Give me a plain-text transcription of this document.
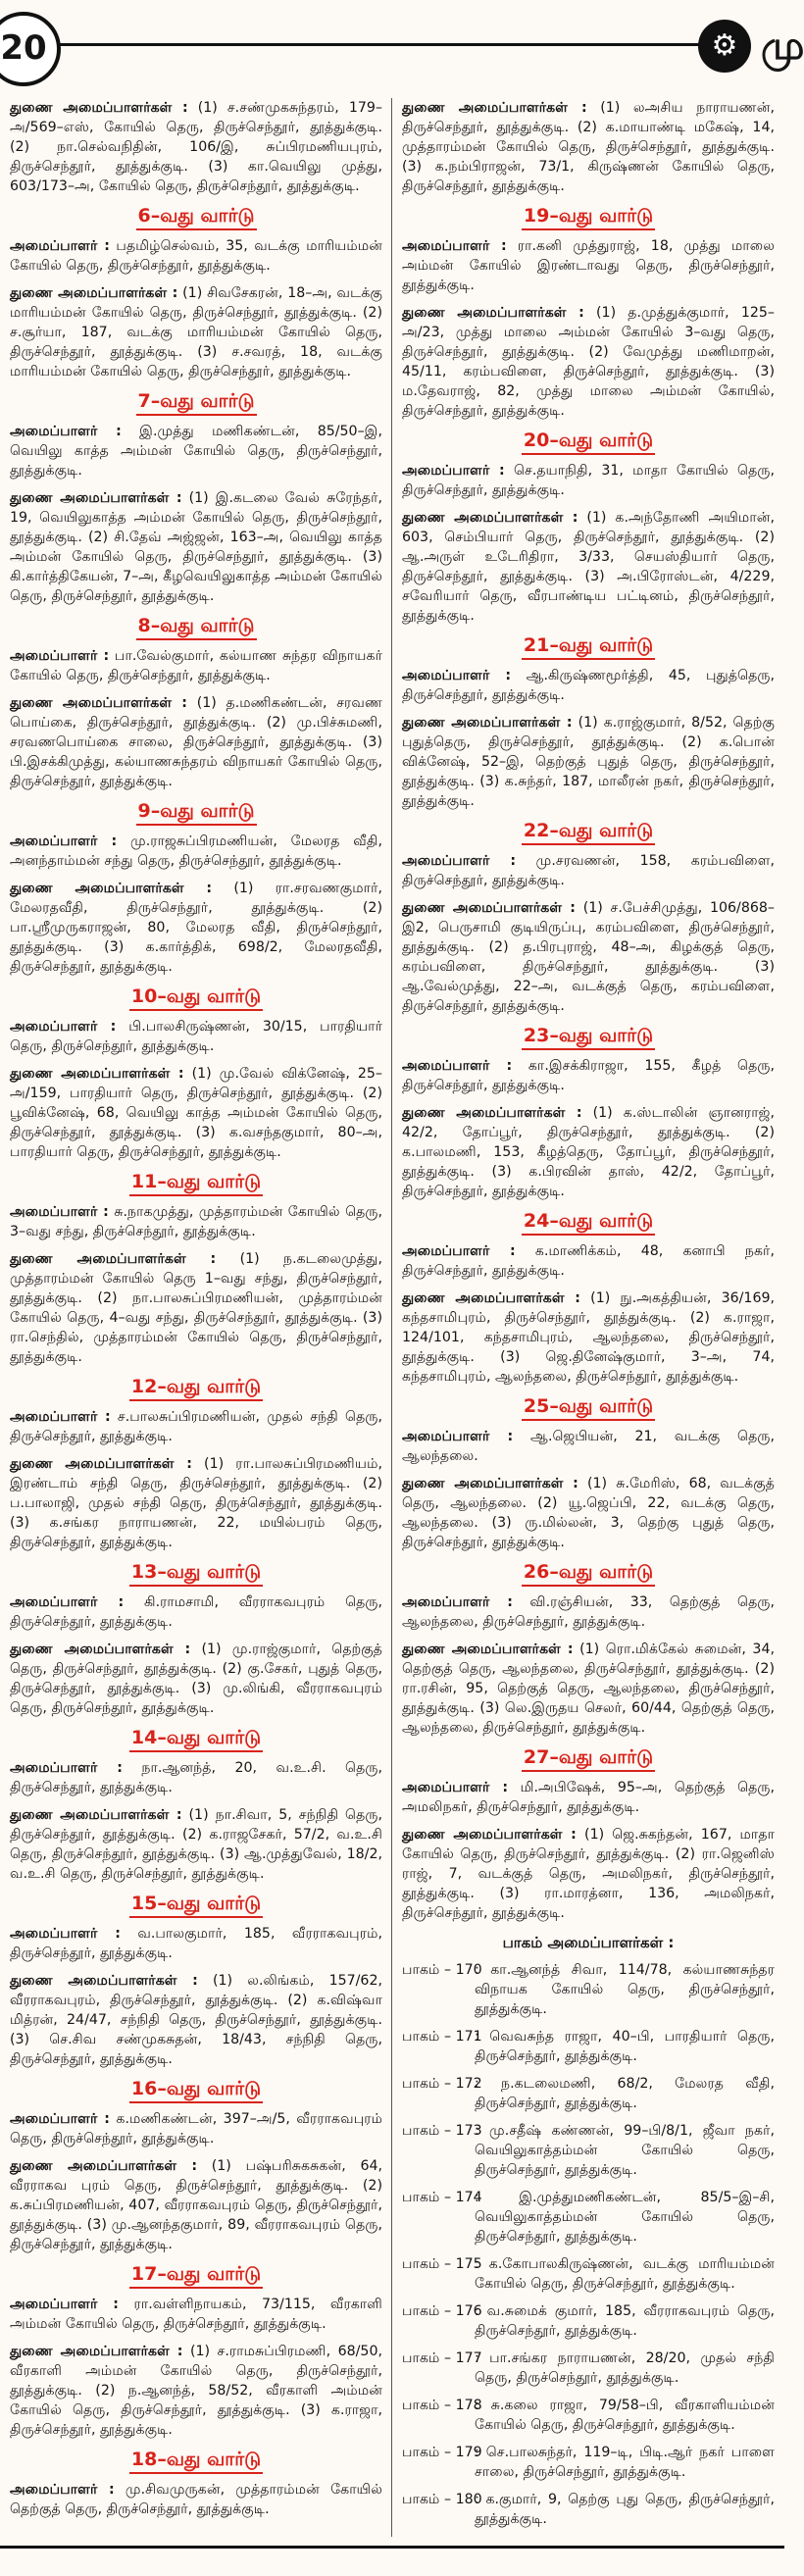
20	⚙ மு

துணை அமைப்பாளர்கள் : (1) ச.சண்முகசுந்தரம், 179–அ/569–எஸ், கோயில் தெரு, திருச்செந்தூர், தூத்துக்குடி. (2) நா.செல்வநிதின், 106/இ, சுப்பிரமணியபுரம், திருச்செந்தூர், தூத்துக்குடி. (3) கா.வெயிலு முத்து, 603/173–அ, கோயில் தெரு, திருச்செந்தூர், தூத்துக்குடி.

6–வது வார்டு

அமைப்பாளர் : பதமிழ்செல்வம், 35, வடக்கு மாரியம்மன் கோயில் தெரு, திருச்செந்தூர், தூத்துக்குடி.

துணை அமைப்பாளர்கள் : (1) சிவசேகரன், 18–அ, வடக்கு மாரியம்மன் கோயில் தெரு, திருச்செந்தூர், தூத்துக்குடி. (2) ச.சூர்யா, 187, வடக்கு மாரியம்மன் கோயில் தெரு, திருச்செந்தூர், தூத்துக்குடி. (3) ச.சவரத், 18, வடக்கு மாரியம்மன் கோயில் தெரு, திருச்செந்தூர், தூத்துக்குடி.

7–வது வார்டு

அமைப்பாளர் : இ.முத்து மணிகண்டன், 85/50–இ, வெயிலு காத்த அம்மன் கோயில் தெரு, திருச்செந்தூர், தூத்துக்குடி.

துணை அமைப்பாளர்கள் : (1) இ.கடலை வேல் சுரேந்தர், 19, வெயிலுகாத்த அம்மன் கோயில் தெரு, திருச்செந்தூர், தூத்துக்குடி. (2) சி.தேவ் அஜ்ஜன், 163–அ, வெயிலு காத்த அம்மன் கோயில் தெரு, திருச்செந்தூர், தூத்துக்குடி. (3) கி.கார்த்திகேயன், 7–அ, கீழவெயிலுகாத்த அம்மன் கோயில் தெரு, திருச்செந்தூர், தூத்துக்குடி.

8–வது வார்டு

அமைப்பாளர் : பா.வேல்குமார், கல்யாண சுந்தர விநாயகர் கோயில் தெரு, திருச்செந்தூர், தூத்துக்குடி.

துணை அமைப்பாளர்கள் : (1) த.மணிகண்டன், சரவண பொய்கை, திருச்செந்தூர், தூத்துக்குடி. (2) மு.பிச்சுமணி, சரவணபொய்கை சாலை, திருச்செந்தூர், தூத்துக்குடி. (3) பி.இசக்கிமுத்து, கல்யாணசுந்தரம் விநாயகர் கோயில் தெரு, திருச்செந்தூர், தூத்துக்குடி.

9–வது வார்டு

அமைப்பாளர் : மு.ராஜசுப்பிரமணியன், மேலரத வீதி, அனந்தாம்மன் சந்து தெரு, திருச்செந்தூர், தூத்துக்குடி.

துணை அமைப்பாளர்கள் : (1) ரா.சரவணகுமார், மேலரதவீதி, திருச்செந்தூர், தூத்துக்குடி. (2) பா.ஸ்ரீமுருகராஜன், 80, மேலரத வீதி, திருச்செந்தூர், தூத்துக்குடி. (3) க.கார்த்திக், 698/2, மேலரதவீதி, திருச்செந்தூர், தூத்துக்குடி.

10–வது வார்டு

அமைப்பாளர் : பி.பாலசிருஷ்ணன், 30/15, பாரதியார் தெரு, திருச்செந்தூர், தூத்துக்குடி.

துணை அமைப்பாளர்கள் : (1) மு.வேல் விக்னேஷ், 25–அ/159, பாரதியார் தெரு, திருச்செந்தூர், தூத்துக்குடி. (2) பூவிக்னேஷ், 68, வெயிலு காத்த அம்மன் கோயில் தெரு, திருச்செந்தூர், தூத்துக்குடி. (3) க.வசந்தகுமார், 80–அ, பாரதியார் தெரு, திருச்செந்தூர், தூத்துக்குடி.

11–வது வார்டு

அமைப்பாளர் : சு.நாகமுத்து, முத்தாரம்மன் கோயில் தெரு, 3–வது சந்து, திருச்செந்தூர், தூத்துக்குடி.

துணை அமைப்பாளர்கள் : (1) ந.கடலைமுத்து, முத்தாரம்மன் கோயில் தெரு 1–வது சந்து, திருச்செந்தூர், தூத்துக்குடி. (2) நா.பாலசுப்பிரமணியன், முத்தாரம்மன் கோயில் தெரு, 4–வது சந்து, திருச்செந்தூர், தூத்துக்குடி. (3) ரா.செந்தில், முத்தாரம்மன் கோயில் தெரு, திருச்செந்தூர், தூத்துக்குடி.

12–வது வார்டு

அமைப்பாளர் : ச.பாலசுப்பிரமணியன், முதல் சந்தி தெரு, திருச்செந்தூர், தூத்துக்குடி.

துணை அமைப்பாளர்கள் : (1) ரா.பாலசுப்பிரமணியம், இரண்டாம் சந்தி தெரு, திருச்செந்தூர், தூத்துக்குடி. (2) ப.பாலாஜி, முதல் சந்தி தெரு, திருச்செந்தூர், தூத்துக்குடி. (3) க.சங்கர நாராயணன், 22, மயில்பரம் தெரு, திருச்செந்தூர், தூத்துக்குடி.

13–வது வார்டு

அமைப்பாளர் : கி.ராமசாமி, வீரராகவபுரம் தெரு, திருச்செந்தூர், தூத்துக்குடி.

துணை அமைப்பாளர்கள் : (1) மு.ராஜ்குமார், தெற்குத் தெரு, திருச்செந்தூர், தூத்துக்குடி. (2) கு.சேகர், புதுத் தெரு, திருச்செந்தூர், தூத்துக்குடி. (3) மு.லிங்கி, வீரராகவபுரம் தெரு, திருச்செந்தூர், தூத்துக்குடி.

14–வது வார்டு

அமைப்பாளர் : நா.ஆனந்த், 20, வ.உ.சி. தெரு, திருச்செந்தூர், தூத்துக்குடி.

துணை அமைப்பாளர்கள் : (1) நா.சிவா, 5, சந்நிதி தெரு, திருச்செந்தூர், தூத்துக்குடி. (2) க.ராஜசேகர், 57/2, வ.உ.சி தெரு, திருச்செந்தூர், தூத்துக்குடி. (3) ஆ.முத்துவேல், 18/2, வ.உ.சி தெரு, திருச்செந்தூர், தூத்துக்குடி.

15–வது வார்டு

அமைப்பாளர் : வ.பாலகுமார், 185, வீரராகவபுரம், திருச்செந்தூர், தூத்துக்குடி.

துணை அமைப்பாளர்கள் : (1) ல.லிங்கம், 157/62, வீரராகவபுரம், திருச்செந்தூர், தூத்துக்குடி. (2) க.விஷ்வா மித்ரன், 24/47, சந்நிதி தெரு, திருச்செந்தூர், தூத்துக்குடி. (3) செ.சிவ சண்முகசுதன், 18/43, சந்நிதி தெரு, திருச்செந்தூர், தூத்துக்குடி.

16–வது வார்டு

அமைப்பாளர் : க.மணிகண்டன், 397–அ/5, வீரராகவபுரம் தெரு, திருச்செந்தூர், தூத்துக்குடி.

துணை அமைப்பாளர்கள் : (1) பஷ்பரிசுகசுகன், 64, வீரராகவ புரம் தெரு, திருச்செந்தூர், தூத்துக்குடி. (2) க.சுப்பிரமணியன், 407, வீரராகவபுரம் தெரு, திருச்செந்தூர், தூத்துக்குடி. (3) மு.ஆனந்தகுமார், 89, வீரராகவபுரம் தெரு, திருச்செந்தூர், தூத்துக்குடி.

17–வது வார்டு

அமைப்பாளர் : ரா.வள்ளிநாயகம், 73/115, வீரகாளி அம்மன் கோயில் தெரு, திருச்செந்தூர், தூத்துக்குடி.

துணை அமைப்பாளர்கள் : (1) ச.ராமசுப்பிரமணி, 68/50, வீரகாளி அம்மன் கோயில் தெரு, திருச்செந்தூர், தூத்துக்குடி. (2) ந.ஆனந்த், 58/52, வீரகாளி அம்மன் கோயில் தெரு, திருச்செந்தூர், தூத்துக்குடி. (3) க.ராஜா, திருச்செந்தூர், தூத்துக்குடி.

18–வது வார்டு

அமைப்பாளர் : மு.சிவமுருகன், முத்தாரம்மன் கோயில் தெற்குத் தெரு, திருச்செந்தூர், தூத்துக்குடி.

துணை அமைப்பாளர்கள் : (1) லஅசிய நாராயணன், திருச்செந்தூர், தூத்துக்குடி. (2) க.மாயாண்டி மகேஷ், 14, முத்தாரம்மன் கோயில் தெரு, திருச்செந்தூர், தூத்துக்குடி. (3) க.நம்பிராஜன், 73/1, கிருஷ்ணன் கோயில் தெரு, திருச்செந்தூர், தூத்துக்குடி.

19–வது வார்டு

அமைப்பாளர் : ரா.கனி முத்துராஜ், 18, முத்து மாலை அம்மன் கோயில் இரண்டாவது தெரு, திருச்செந்தூர், தூத்துக்குடி.

துணை அமைப்பாளர்கள் : (1) த.முத்துக்குமார், 125–அ/23, முத்து மாலை அம்மன் கோயில் 3–வது தெரு, திருச்செந்தூர், தூத்துக்குடி. (2) வேமுத்து மணிமாறன், 45/11, கரம்பவிளை, திருச்செந்தூர், தூத்துக்குடி. (3) ம.தேவராஜ், 82, முத்து மாலை அம்மன் கோயில், திருச்செந்தூர், தூத்துக்குடி.

20–வது வார்டு

அமைப்பாளர் : செ.தயாநிதி, 31, மாதா கோயில் தெரு, திருச்செந்தூர், தூத்துக்குடி.

துணை அமைப்பாளர்கள் : (1) க.அந்தோணி அயிமான், 603, செம்பியார் தெரு, திருச்செந்தூர், தூத்துக்குடி. (2) ஆ.அருள் உடேரிதிரா, 3/33, செயஸ்தியார் தெரு, திருச்செந்தூர், தூத்துக்குடி. (3) அ.பிரோஸ்டன், 4/229, சவேரியார் தெரு, வீரபாண்டிய பட்டினம், திருச்செந்தூர், தூத்துக்குடி.

21–வது வார்டு

அமைப்பாளர் : ஆ.கிருஷ்ணமூர்த்தி, 45, புதுத்தெரு, திருச்செந்தூர், தூத்துக்குடி.

துணை அமைப்பாளர்கள் : (1) க.ராஜ்குமார், 8/52, தெற்கு புதுத்தெரு, திருச்செந்தூர், தூத்துக்குடி. (2) க.பொன் விக்னேஷ், 52–இ, தெற்குத் புதுத் தெரு, திருச்செந்தூர், தூத்துக்குடி. (3) க.சுந்தர், 187, மாலீரன் நகர், திருச்செந்தூர், தூத்துக்குடி.

22–வது வார்டு

அமைப்பாளர் : மு.சரவணன், 158, கரம்பவிளை, திருச்செந்தூர், தூத்துக்குடி.

துணை அமைப்பாளர்கள் : (1) ச.பேச்சிமுத்து, 106/868–இ2, பெருசாமி குடியிருப்பு, கரம்பவிளை, திருச்செந்தூர், தூத்துக்குடி. (2) த.பிரபுராஜ், 48–அ, கிழக்குத் தெரு, கரம்பவிளை, திருச்செந்தூர், தூத்துக்குடி. (3) ஆ.வேல்முத்து, 22–அ, வடக்குத் தெரு, கரம்பவிளை, திருச்செந்தூர், தூத்துக்குடி.

23–வது வார்டு

அமைப்பாளர் : கா.இசக்கிராஜா, 155, கீழத் தெரு, திருச்செந்தூர், தூத்துக்குடி.

துணை அமைப்பாளர்கள் : (1) க.ஸ்டாலின் ஞானராஜ், 42/2, தோப்பூர், திருச்செந்தூர், தூத்துக்குடி. (2) க.பாலமணி, 153, கீழத்தெரு, தோப்பூர், திருச்செந்தூர், தூத்துக்குடி. (3) க.பிரவின் தாஸ், 42/2, தோப்பூர், திருச்செந்தூர், தூத்துக்குடி.

24–வது வார்டு

அமைப்பாளர் : க.மாணிக்கம், 48, கனாபி நகர், திருச்செந்தூர், தூத்துக்குடி.

துணை அமைப்பாளர்கள் : (1) நு.அகத்தியன், 36/169, கந்தசாமிபுரம், திருச்செந்தூர், தூத்துக்குடி. (2) க.ராஜா, 124/101, கந்தசாமிபுரம், ஆலந்தலை, திருச்செந்தூர், தூத்துக்குடி. (3) ஜெ.தினேஷ்குமார், 3–அ, 74, கந்தசாமிபுரம், ஆலந்தலை, திருச்செந்தூர், தூத்துக்குடி.

25–வது வார்டு

அமைப்பாளர் : ஆ.ஜெபியன், 21, வடக்கு தெரு, ஆலந்தலை.

துணை அமைப்பாளர்கள் : (1) சு.மேரிஸ், 68, வடக்குத் தெரு, ஆலந்தலை. (2) யூ.ஜெப்பி, 22, வடக்கு தெரு, ஆலந்தலை. (3) ரு.மில்லன், 3, தெற்கு புதுத் தெரு, திருச்செந்தூர், தூத்துக்குடி.

26–வது வார்டு

அமைப்பாளர் : வி.ரஞ்சியன், 33, தெற்குத் தெரு, ஆலந்தலை, திருச்செந்தூர், தூத்துக்குடி.

துணை அமைப்பாளர்கள் : (1) ரொ.மிக்கேல் சுமைன், 34, தெற்குத் தெரு, ஆலந்தலை, திருச்செந்தூர், தூத்துக்குடி. (2) ரா.ரசின், 95, தெற்குத் தெரு, ஆலந்தலை, திருச்செந்தூர், தூத்துக்குடி. (3) லெ.இருதய செலர், 60/44, தெற்குத் தெரு, ஆலந்தலை, திருச்செந்தூர், தூத்துக்குடி.

27–வது வார்டு

அமைப்பாளர் : மி.அபிஷேக், 95–அ, தெற்குத் தெரு, அமலிநகர், திருச்செந்தூர், தூத்துக்குடி.

துணை அமைப்பாளர்கள் : (1) ஜெ.சுகந்தன், 167, மாதா கோயில் தெரு, திருச்செந்தூர், தூத்துக்குடி. (2) ரா.ஜெனிஸ் ராஜ், 7, வடக்குத் தெரு, அமலிநகர், திருச்செந்தூர், தூத்துக்குடி. (3) ரா.மாரத்னா, 136, அமலிநகர், திருச்செந்தூர், தூத்துக்குடி.

பாகம் அமைப்பாளர்கள் :
பாகம் – 170
: கா.ஆனந்த் சிவா, 114/78, கல்யாணசுந்தர விநாயக கோயில் தெரு, திருச்செந்தூர், தூத்துக்குடி.
பாகம் – 171
: வெவசுந்த ராஜா, 40–பி, பாரதியார் தெரு, திருச்செந்தூர், தூத்துக்குடி.
பாகம் – 172
: ந.கடலைமணி, 68/2, மேலரத வீதி, திருச்செந்தூர், தூத்துக்குடி.
பாகம் – 173
: மு.சதீஷ் கண்ணன், 99–பி/8/1, ஜீவா நகர், வெயிலுகாத்தம்மன் கோயில் தெரு, திருச்செந்தூர், தூத்துக்குடி.
பாகம் – 174
: இ.முத்துமணிகண்டன், 85/5–இ–சி, வெயிலுகாத்தம்மன் கோயில் தெரு, திருச்செந்தூர், தூத்துக்குடி.
பாகம் – 175
: க.கோபாலகிருஷ்ணன், வடக்கு மாரியம்மன் கோயில் தெரு, திருச்செந்தூர், தூத்துக்குடி.
பாகம் – 176
: வ.சுமைக் குமார், 185, வீரராகவபுரம் தெரு, திருச்செந்தூர், தூத்துக்குடி.
பாகம் – 177
: பா.சங்கர நாராயணன், 28/20, முதல் சந்தி தெரு, திருச்செந்தூர், தூத்துக்குடி.
பாகம் – 178
: சு.கலை ராஜா, 79/58–பி, வீரகாளியம்மன் கோயில் தெரு, திருச்செந்தூர், தூத்துக்குடி.
பாகம் – 179
: செ.பாலசுந்தர், 119–டி, பிடி.ஆர் நகர் பாளை சாலை, திருச்செந்தூர், தூத்துக்குடி.
பாகம் – 180
: க.குமார், 9, தெற்கு புது தெரு, திருச்செந்தூர், தூத்துக்குடி.
